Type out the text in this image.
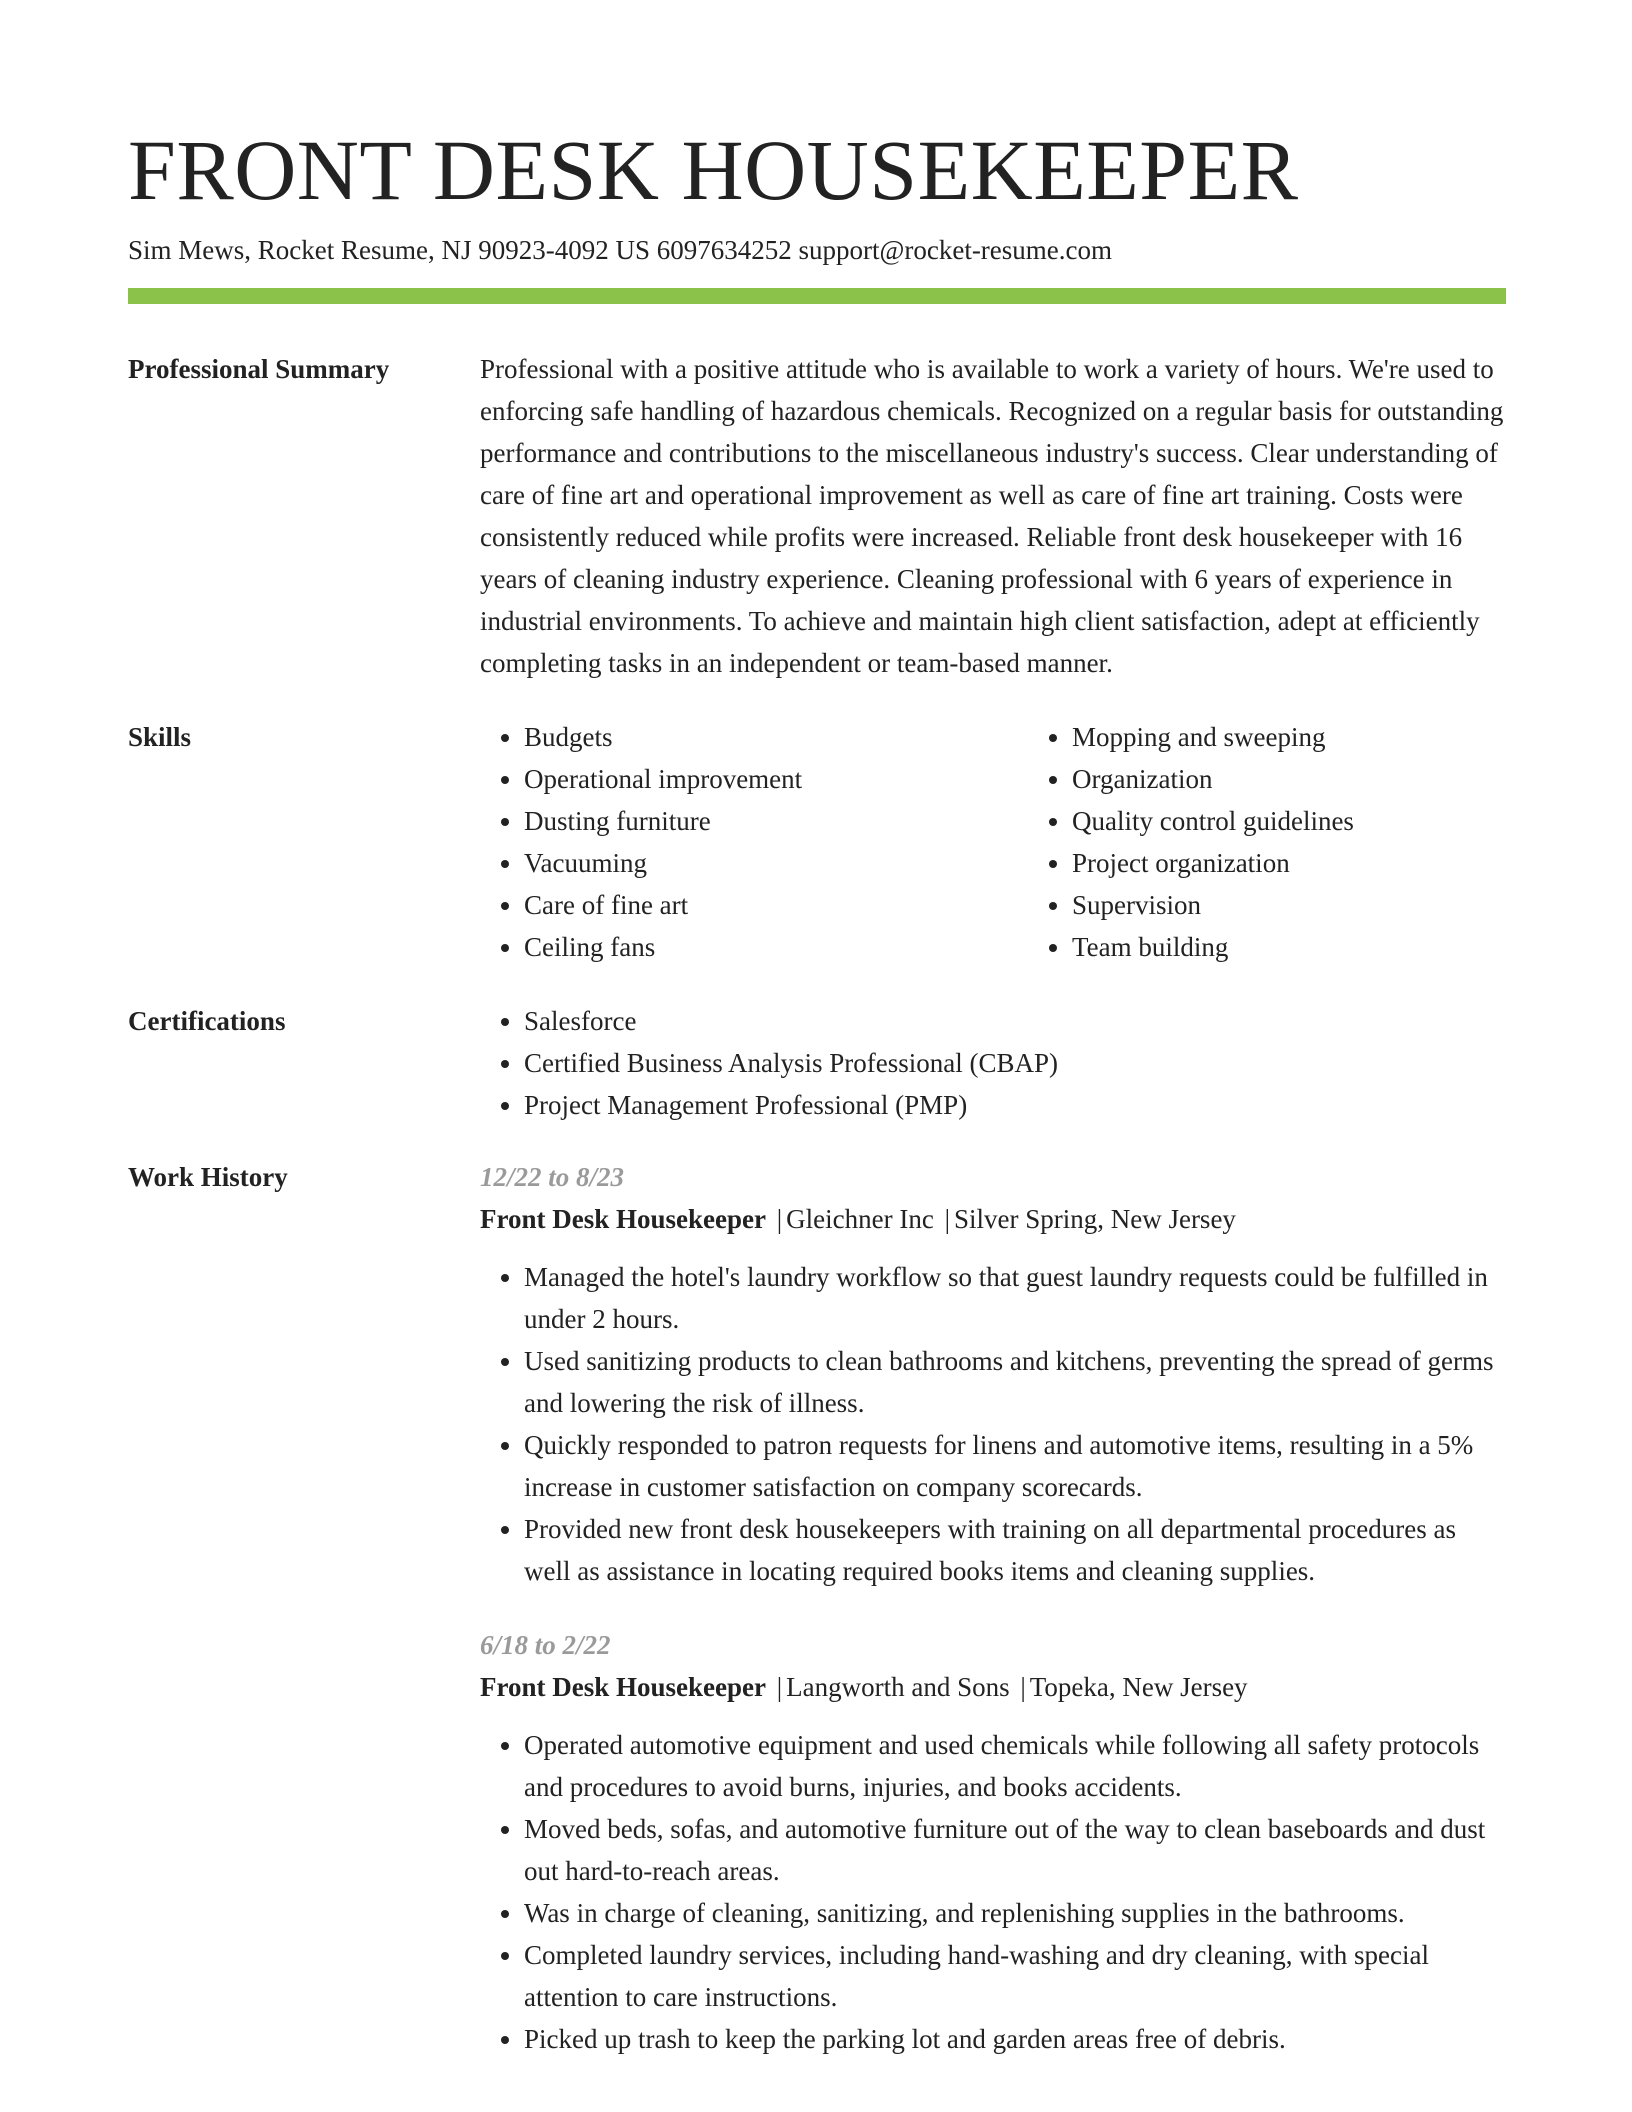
FRONT DESK HOUSEKEEPER
Sim Mews, Rocket Resume, NJ 90923-4092 US 6097634252 support@rocket-resume.com
Professional Summary	Professional with a positive attitude who is available to work a variety of hours. We're used to enforcing safe handling of hazardous chemicals. Recognized on a regular basis for outstanding performance and contributions to the miscellaneous industry's success. Clear understanding of care of fine art and operational improvement as well as care of fine art training. Costs were consistently reduced while profits were increased. Reliable front desk housekeeper with 16 years of cleaning industry experience. Cleaning professional with 6 years of experience in industrial environments. To achieve and maintain high client satisfaction, adept at efficiently completing tasks in an independent or team-based manner.
Skills	• Budgets
• Operational improvement
• Dusting furniture
• Vacuuming
• Care of fine art
• Ceiling fans
• Mopping and sweeping
• Organization
• Quality control guidelines
• Project organization
• Supervision
• Team building
Certifications	• Salesforce
• Certified Business Analysis Professional (CBAP)
• Project Management Professional (PMP)
Work History	12/22 to 8/23
Front Desk Housekeeper | Gleichner Inc | Silver Spring, New Jersey
• Managed the hotel's laundry workflow so that guest laundry requests could be fulfilled in under 2 hours.
• Used sanitizing products to clean bathrooms and kitchens, preventing the spread of germs and lowering the risk of illness.
• Quickly responded to patron requests for linens and automotive items, resulting in a 5% increase in customer satisfaction on company scorecards.
• Provided new front desk housekeepers with training on all departmental procedures as well as assistance in locating required books items and cleaning supplies.
6/18 to 2/22
Front Desk Housekeeper | Langworth and Sons | Topeka, New Jersey
• Operated automotive equipment and used chemicals while following all safety protocols and procedures to avoid burns, injuries, and books accidents.
• Moved beds, sofas, and automotive furniture out of the way to clean baseboards and dust out hard-to-reach areas.
• Was in charge of cleaning, sanitizing, and replenishing supplies in the bathrooms.
• Completed laundry services, including hand-washing and dry cleaning, with special attention to care instructions.
• Picked up trash to keep the parking lot and garden areas free of debris.
